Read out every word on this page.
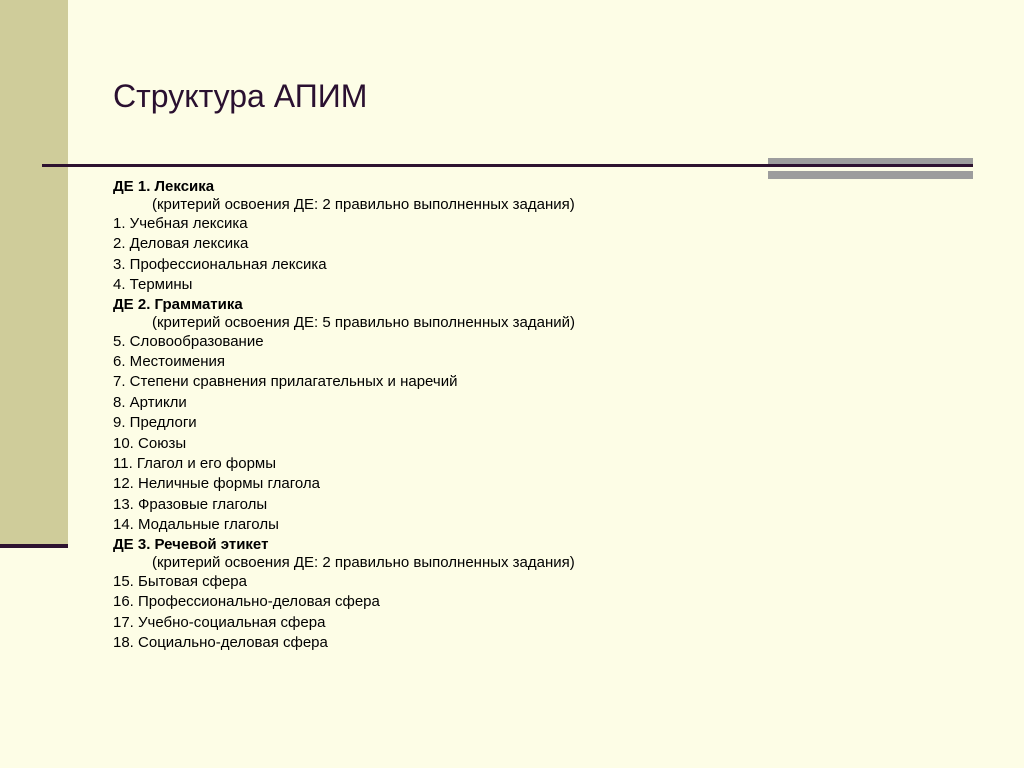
Структура АПИМ
ДЕ 1. Лексика
(критерий освоения ДЕ: 2 правильно выполненных задания)
1. Учебная лексика
2. Деловая лексика
3. Профессиональная лексика
4. Термины
ДЕ 2. Грамматика
(критерий освоения ДЕ: 5 правильно выполненных заданий)
5. Словообразование
6. Местоимения
7. Степени сравнения прилагательных и наречий
8. Артикли
9. Предлоги
10. Союзы
11. Глагол и его формы
12. Неличные формы глагола
13. Фразовые глаголы
14. Модальные глаголы
ДЕ 3. Речевой этикет
(критерий освоения ДЕ: 2 правильно выполненных задания)
15. Бытовая сфера
16. Профессионально-деловая сфера
17. Учебно-социальная сфера
18. Социально-деловая сфера
